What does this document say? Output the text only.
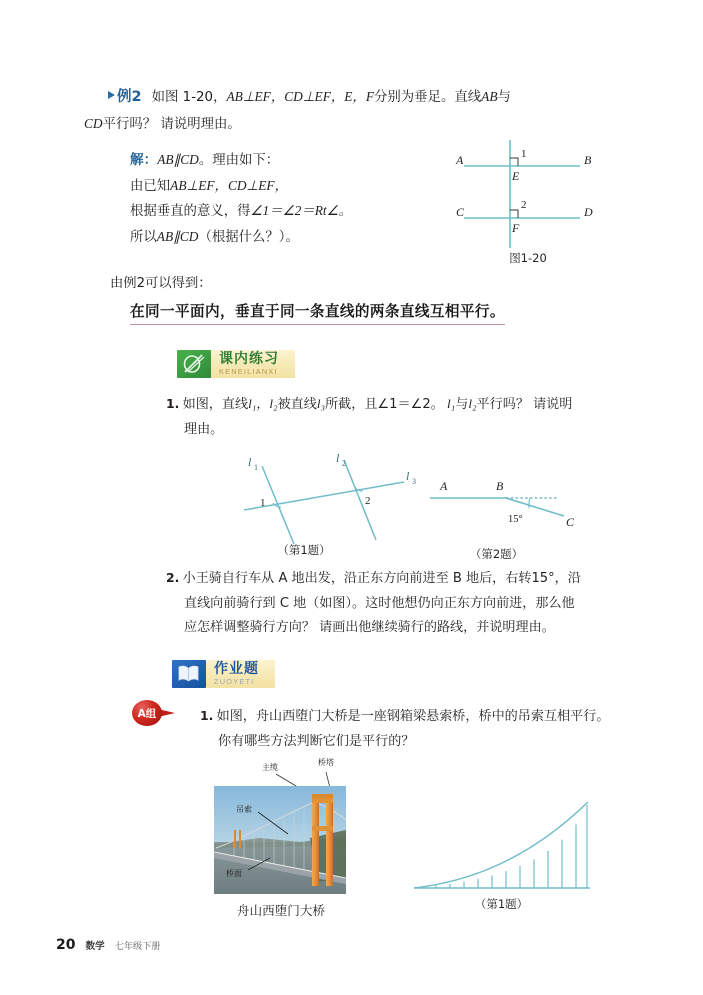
例2 如图 1-20，AB⊥EF，CD⊥EF，E，F分别为垂足。直线AB与
CD平行吗？ 请说明理由。
解：AB∥CD。理由如下：
由已知AB⊥EF，CD⊥EF，
根据垂直的意义，得∠1＝∠2＝Rt∠。
所以AB∥CD（根据什么？）。
A	B
C	D
E
F
1
2
图1-20
由例2可以得到：
在同一平面内，垂直于同一条直线的两条直线互相平行。
课内练习
KENEILIANXI
1. 如图，直线l₁，l₂被直线l₃所截，且∠1＝∠2。 l₁与l₂平行吗？ 请说明
理由。
l 1
l 2
l 3
1	2
（第1题）
A	B
C
15°
（第2题）
2. 小王骑自行车从 A 地出发，沿正东方向前进至 B 地后，右转15°，沿
直线向前骑行到 C 地（如图）。这时他想仍向正东方向前进，那么他
应怎样调整骑行方向？ 请画出他继续骑行的路线，并说明理由。
作业题
ZUOYETI
A组	1. 如图，舟山西堕门大桥是一座钢箱梁悬索桥，桥中的吊索互相平行。
你有哪些方法判断它们是平行的？
主缆
桥塔
吊索
桥面
舟山西堕门大桥	（第1题）
20 数学 七年级下册
